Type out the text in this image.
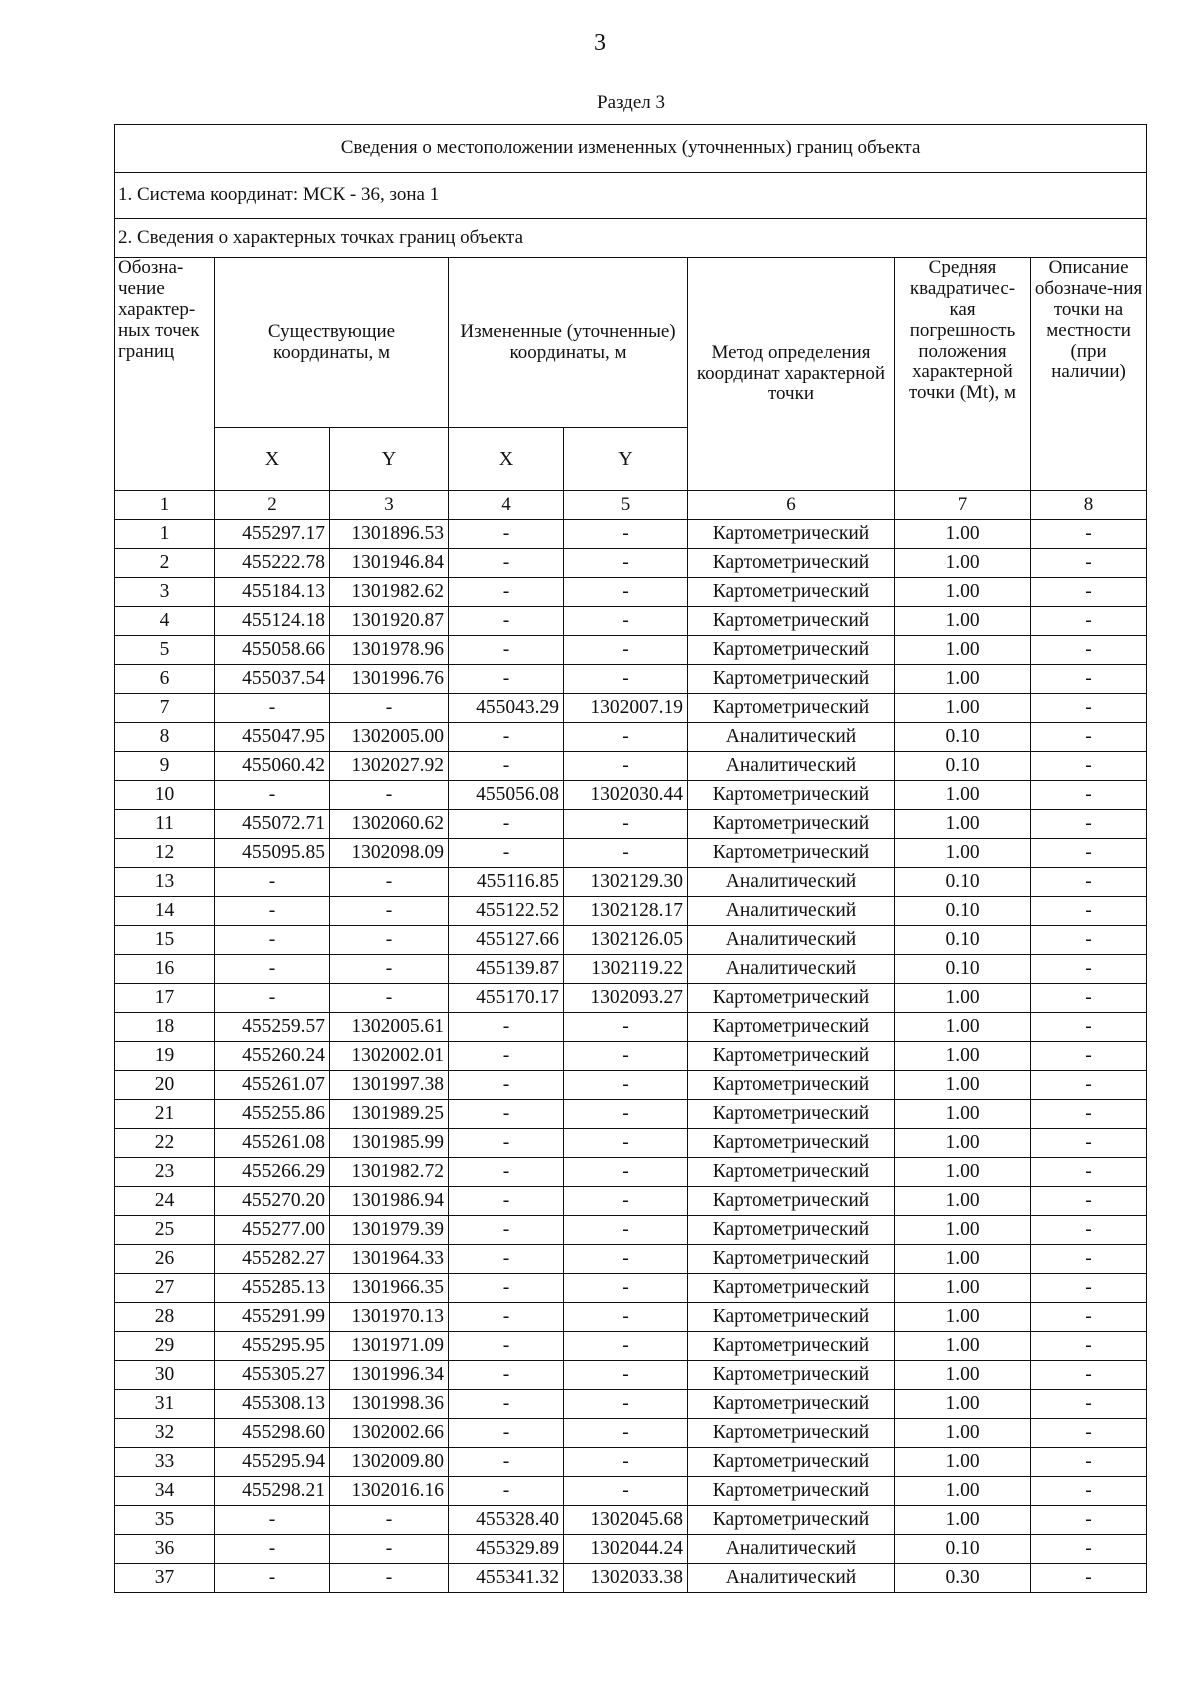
3
Раздел 3
Сведения о местоположении измененных (уточненных) границ объекта							
1. Система координат: МСК - 36, зона 1							
2. Сведения о характерных точках границ объекта							
Обозна-чение характер-ных точек границ	Существующие координаты, м		Измененные (уточненные) координаты, м		Метод определения координат характерной точки	Средняя квадратичес-кая погрешность положения характерной точки (Mt), м	Описание обозначе-ния точки на местности (при наличии)
	X	Y	X	Y			
1	2	3	4	5	6	7	8
1	455297.17	1301896.53	-	-	Картометрический	1.00	-
2	455222.78	1301946.84	-	-	Картометрический	1.00	-
3	455184.13	1301982.62	-	-	Картометрический	1.00	-
4	455124.18	1301920.87	-	-	Картометрический	1.00	-
5	455058.66	1301978.96	-	-	Картометрический	1.00	-
6	455037.54	1301996.76	-	-	Картометрический	1.00	-
7	-	-	455043.29	1302007.19	Картометрический	1.00	-
8	455047.95	1302005.00	-	-	Аналитический	0.10	-
9	455060.42	1302027.92	-	-	Аналитический	0.10	-
10	-	-	455056.08	1302030.44	Картометрический	1.00	-
11	455072.71	1302060.62	-	-	Картометрический	1.00	-
12	455095.85	1302098.09	-	-	Картометрический	1.00	-
13	-	-	455116.85	1302129.30	Аналитический	0.10	-
14	-	-	455122.52	1302128.17	Аналитический	0.10	-
15	-	-	455127.66	1302126.05	Аналитический	0.10	-
16	-	-	455139.87	1302119.22	Аналитический	0.10	-
17	-	-	455170.17	1302093.27	Картометрический	1.00	-
18	455259.57	1302005.61	-	-	Картометрический	1.00	-
19	455260.24	1302002.01	-	-	Картометрический	1.00	-
20	455261.07	1301997.38	-	-	Картометрический	1.00	-
21	455255.86	1301989.25	-	-	Картометрический	1.00	-
22	455261.08	1301985.99	-	-	Картометрический	1.00	-
23	455266.29	1301982.72	-	-	Картометрический	1.00	-
24	455270.20	1301986.94	-	-	Картометрический	1.00	-
25	455277.00	1301979.39	-	-	Картометрический	1.00	-
26	455282.27	1301964.33	-	-	Картометрический	1.00	-
27	455285.13	1301966.35	-	-	Картометрический	1.00	-
28	455291.99	1301970.13	-	-	Картометрический	1.00	-
29	455295.95	1301971.09	-	-	Картометрический	1.00	-
30	455305.27	1301996.34	-	-	Картометрический	1.00	-
31	455308.13	1301998.36	-	-	Картометрический	1.00	-
32	455298.60	1302002.66	-	-	Картометрический	1.00	-
33	455295.94	1302009.80	-	-	Картометрический	1.00	-
34	455298.21	1302016.16	-	-	Картометрический	1.00	-
35	-	-	455328.40	1302045.68	Картометрический	1.00	-
36	-	-	455329.89	1302044.24	Аналитический	0.10	-
37	-	-	455341.32	1302033.38	Аналитический	0.30	-
